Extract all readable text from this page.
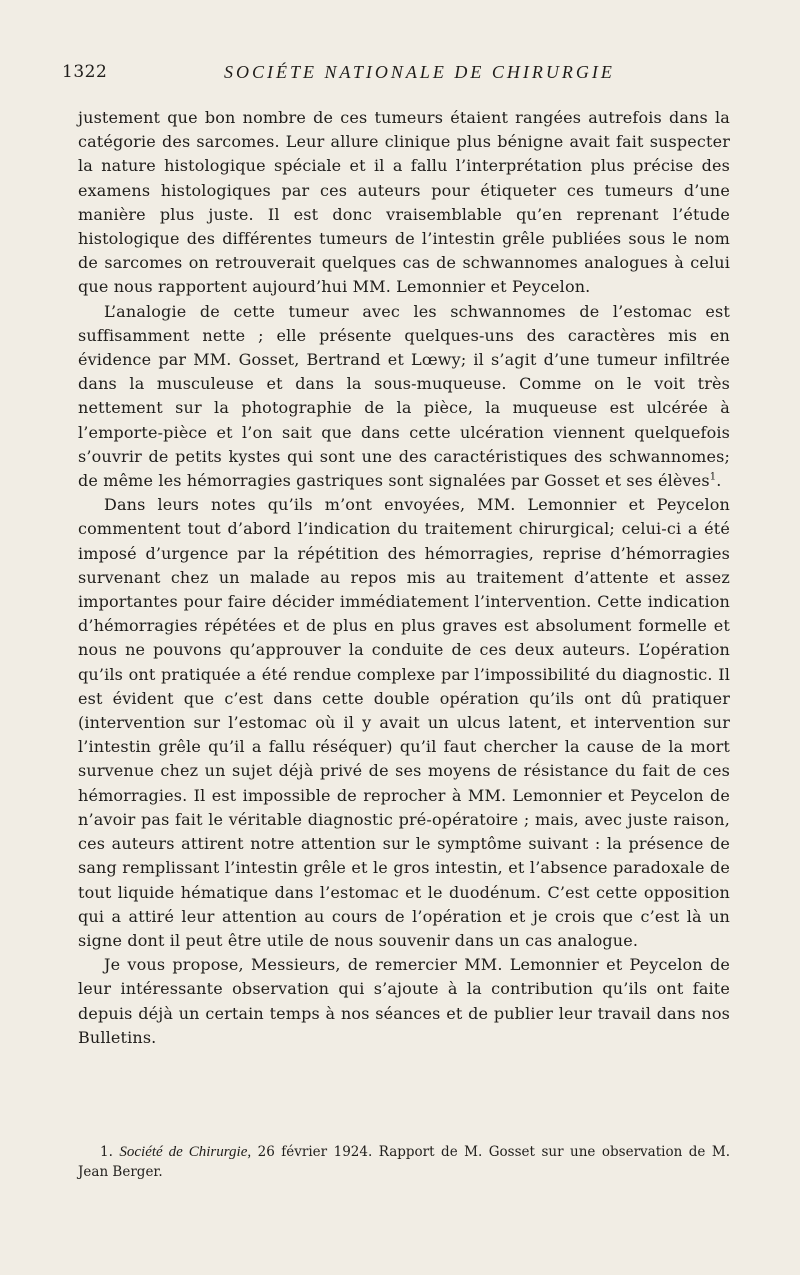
1322	SOCIÉTE NATIONALE DE CHIRURGIE

justement que bon nombre de ces tumeurs étaient rangées autrefois dans la catégorie des sarcomes. Leur allure clinique plus bénigne avait fait suspecter la nature histologique spéciale et il a fallu l’interprétation plus précise des examens histologiques par ces auteurs pour étiqueter ces tumeurs d’une manière plus juste. Il est donc vraisemblable qu’en reprenant l’étude histologique des différentes tumeurs de l’intestin grêle publiées sous le nom de sarcomes on retrouverait quelques cas de schwannomes analogues à celui que nous rapportent aujourd’hui MM. Lemonnier et Peycelon.

L’analogie de cette tumeur avec les schwannomes de l’estomac est suffisamment nette ; elle présente quelques-uns des caractères mis en évidence par MM. Gosset, Bertrand et Lœwy; il s’agit d’une tumeur infiltrée dans la musculeuse et dans la sous-muqueuse. Comme on le voit très nettement sur la photographie de la pièce, la muqueuse est ulcérée à l’emporte-pièce et l’on sait que dans cette ulcération viennent quelquefois s’ouvrir de petits kystes qui sont une des caractéristiques des schwannomes; de même les hémorragies gastriques sont signalées par Gosset et ses élèves$^1$.

Dans leurs notes qu’ils m’ont envoyées, MM. Lemonnier et Peycelon commentent tout d’abord l’indication du traitement chirurgical; celui-ci a été imposé d’urgence par la répétition des hémorragies, reprise d’hémorragies survenant chez un malade au repos mis au traitement d’attente et assez importantes pour faire décider immédiatement l’intervention. Cette indication d’hémorragies répétées et de plus en plus graves est absolument formelle et nous ne pouvons qu’approuver la conduite de ces deux auteurs. L’opération qu’ils ont pratiquée a été rendue complexe par l’impossibilité du diagnostic. Il est évident que c’est dans cette double opération qu’ils ont dû pratiquer (intervention sur l’estomac où il y avait un ulcus latent, et intervention sur l’intestin grêle qu’il a fallu réséquer) qu’il faut chercher la cause de la mort survenue chez un sujet déjà privé de ses moyens de résistance du fait de ces hémorragies. Il est impossible de reprocher à MM. Lemonnier et Peycelon de n’avoir pas fait le véritable diagnostic pré-opératoire ; mais, avec juste raison, ces auteurs attirent notre attention sur le symptôme suivant : la présence de sang remplissant l’intestin grêle et le gros intestin, et l’absence paradoxale de tout liquide hématique dans l’estomac et le duodénum. C’est cette opposition qui a attiré leur attention au cours de l’opération et je crois que c’est là un signe dont il peut être utile de nous souvenir dans un cas analogue.

Je vous propose, Messieurs, de remercier MM. Lemonnier et Peycelon de leur intéressante observation qui s’ajoute à la contribution qu’ils ont faite depuis déjà un certain temps à nos séances et de publier leur travail dans nos Bulletins.

1. Société de Chirurgie, 26 février 1924. Rapport de M. Gosset sur une observation de M. Jean Berger.
